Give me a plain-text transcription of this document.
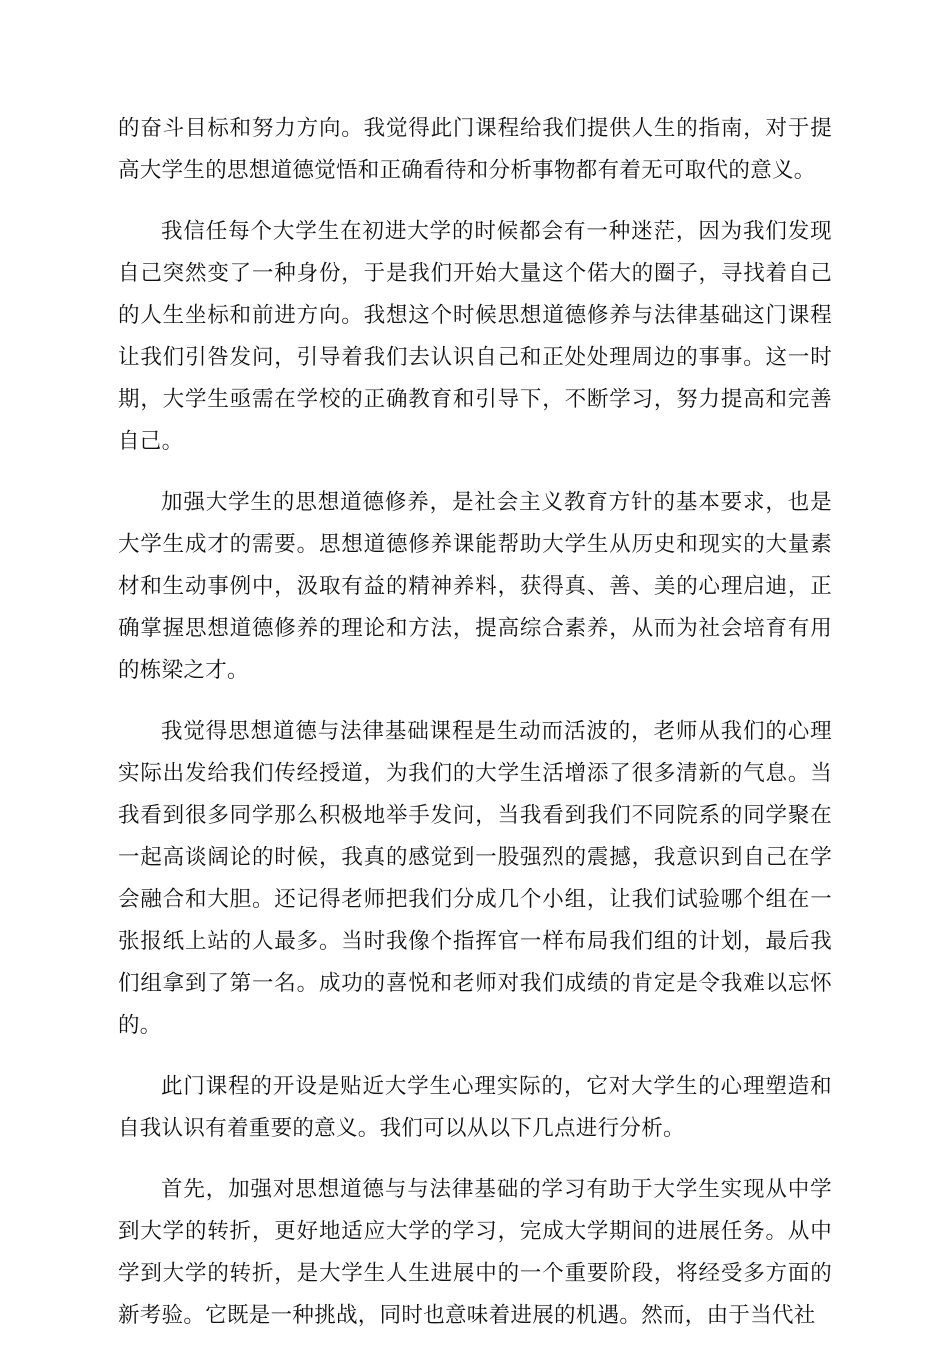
的奋斗目标和努力方向。我觉得此门课程给我们提供人生的指南，对于提高大学生的思想道德觉悟和正确看待和分析事物都有着无可取代的意义。

我信任每个大学生在初进大学的时候都会有一种迷茫，因为我们发现自己突然变了一种身份，于是我们开始大量这个偌大的圈子，寻找着自己的人生坐标和前进方向。我想这个时候思想道德修养与法律基础这门课程让我们引咎发问，引导着我们去认识自己和正处处理周边的事事。这一时期，大学生亟需在学校的正确教育和引导下，不断学习，努力提高和完善自己。

加强大学生的思想道德修养，是社会主义教育方针的基本要求，也是大学生成才的需要。思想道德修养课能帮助大学生从历史和现实的大量素材和生动事例中，汲取有益的精神养料，获得真、善、美的心理启迪，正确掌握思想道德修养的理论和方法，提高综合素养，从而为社会培育有用的栋梁之才。

我觉得思想道德与法律基础课程是生动而活波的，老师从我们的心理实际出发给我们传经授道，为我们的大学生活增添了很多清新的气息。当我看到很多同学那么积极地举手发问，当我看到我们不同院系的同学聚在一起高谈阔论的时候，我真的感觉到一股强烈的震撼，我意识到自己在学会融合和大胆。还记得老师把我们分成几个小组，让我们试验哪个组在一张报纸上站的人最多。当时我像个指挥官一样布局我们组的计划，最后我们组拿到了第一名。成功的喜悦和老师对我们成绩的肯定是令我难以忘怀的。

此门课程的开设是贴近大学生心理实际的，它对大学生的心理塑造和自我认识有着重要的意义。我们可以从以下几点进行分析。

首先，加强对思想道德与与法律基础的学习有助于大学生实现从中学到大学的转折，更好地适应大学的学习，完成大学期间的进展任务。从中学到大学的转折，是大学生人生进展中的一个重要阶段，将经受多方面的新考验。它既是一种挑战，同时也意味着进展的机遇。然而，由于当代社
